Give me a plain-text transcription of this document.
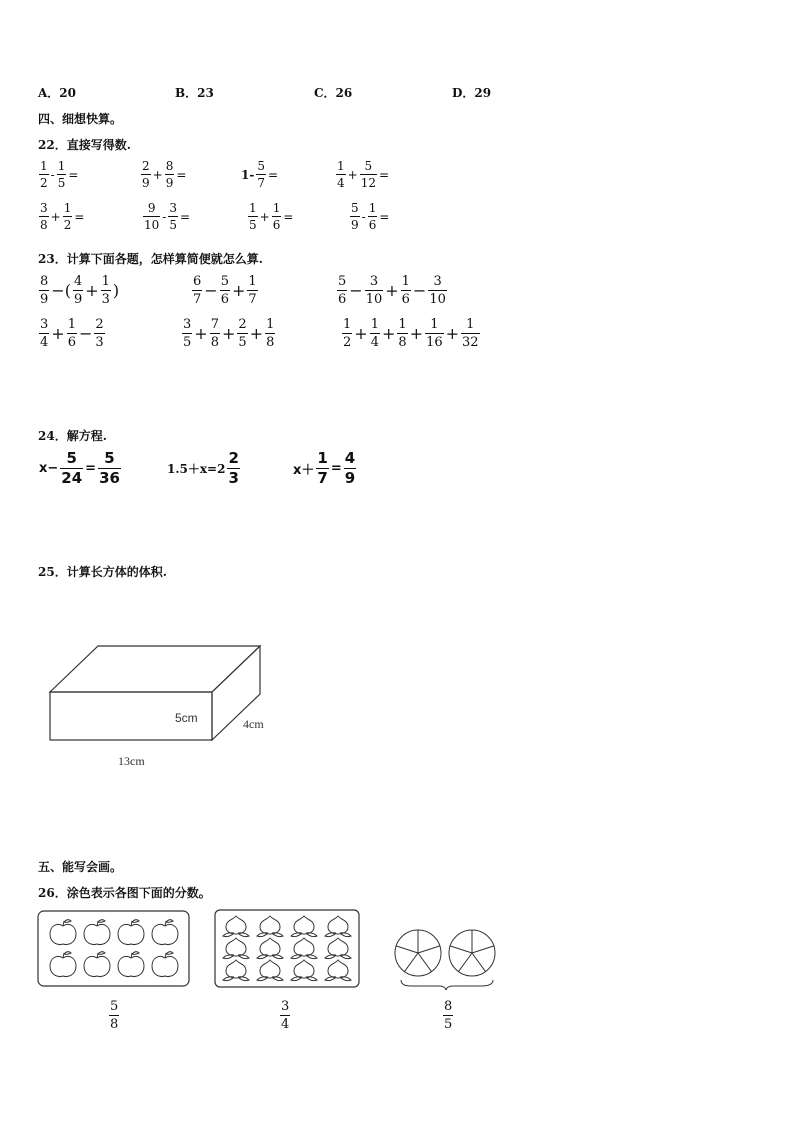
A．20	B．23	C．26	D．29
四、细想快算。
22．直接写得数.
$\frac{1}{2} - \frac{1}{5}$ =	$\frac{2}{9} + \frac{8}{9}$ =	$1- \frac{5}{7}$ =	$\frac{1}{4} + \frac{5}{12}$ =
$\frac{3}{8} + \frac{1}{2}$ =	$\frac{9}{10} - \frac{3}{5}$ =	$\frac{1}{5} + \frac{1}{6}$ =	$\frac{5}{9} - \frac{1}{6}$ =
23．计算下面各题，怎样算简便就怎么算.
$\frac{8}{9}$ −( $\frac{4}{9} + \frac{1}{3}$ )	$\frac{6}{7} - \frac{5}{6} + \frac{1}{7}$	$\frac{5}{6} - \frac{3}{10} + \frac{1}{6} - \frac{3}{10}$
$\frac{3}{4} + \frac{1}{6} - \frac{2}{3}$	$\frac{3}{5} + \frac{7}{8} + \frac{2}{5} + \frac{1}{8}$	$\frac{1}{2} + \frac{1}{4} + \frac{1}{8} + \frac{1}{16} + \frac{1}{32}$
24．解方程.
$x- \frac{5}{24} = \frac{5}{36}$	$1.5+x=2 \frac{2}{3}$	$x+ \frac{1}{7} = \frac{4}{9}$
25．计算长方体的体积.
5cm	4cm
13cm
五、能写会画。
26．涂色表示各图下面的分数。
$\frac{5}{8}$	$\frac{3}{4}$	$\frac{8}{5}$
